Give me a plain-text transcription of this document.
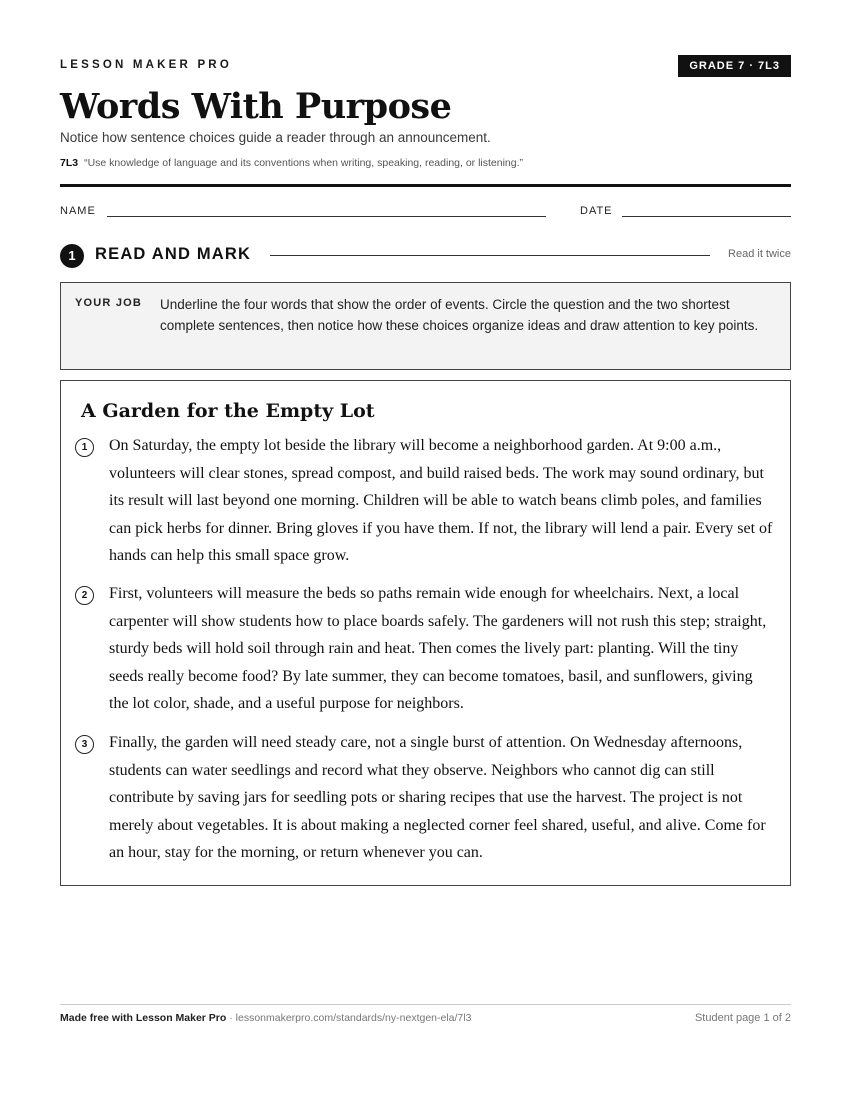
LESSON MAKER PRO	GRADE 7 · 7L3
Words With Purpose
Notice how sentence choices guide a reader through an announcement.
7L3 “Use knowledge of language and its conventions when writing, speaking, reading, or listening.”
NAME	DATE
1	READ AND MARK	Read it twice
YOUR JOB Underline the four words that show the order of events. Circle the question and the two shortest complete sentences, then notice how these choices organize ideas and draw attention to key points.
A Garden for the Empty Lot
1	On Saturday, the empty lot beside the library will become a neighborhood garden. At 9:00 a.m., volunteers will clear stones, spread compost, and build raised beds. The work may sound ordinary, but its result will last beyond one morning. Children will be able to watch beans climb poles, and families can pick herbs for dinner. Bring gloves if you have them. If not, the library will lend a pair. Every set of hands can help this small space grow.
2	First, volunteers will measure the beds so paths remain wide enough for wheelchairs. Next, a local carpenter will show students how to place boards safely. The gardeners will not rush this step; straight, sturdy beds will hold soil through rain and heat. Then comes the lively part: planting. Will the tiny seeds really become food? By late summer, they can become tomatoes, basil, and sunflowers, giving the lot color, shade, and a useful purpose for neighbors.
3	Finally, the garden will need steady care, not a single burst of attention. On Wednesday afternoons, students can water seedlings and record what they observe. Neighbors who cannot dig can still contribute by saving jars for seedling pots or sharing recipes that use the harvest. The project is not merely about vegetables. It is about making a neglected corner feel shared, useful, and alive. Come for an hour, stay for the morning, or return whenever you can.
Made free with Lesson Maker Pro · lessonmakerpro.com/standards/ny-nextgen-ela/7l3	Student page 1 of 2
